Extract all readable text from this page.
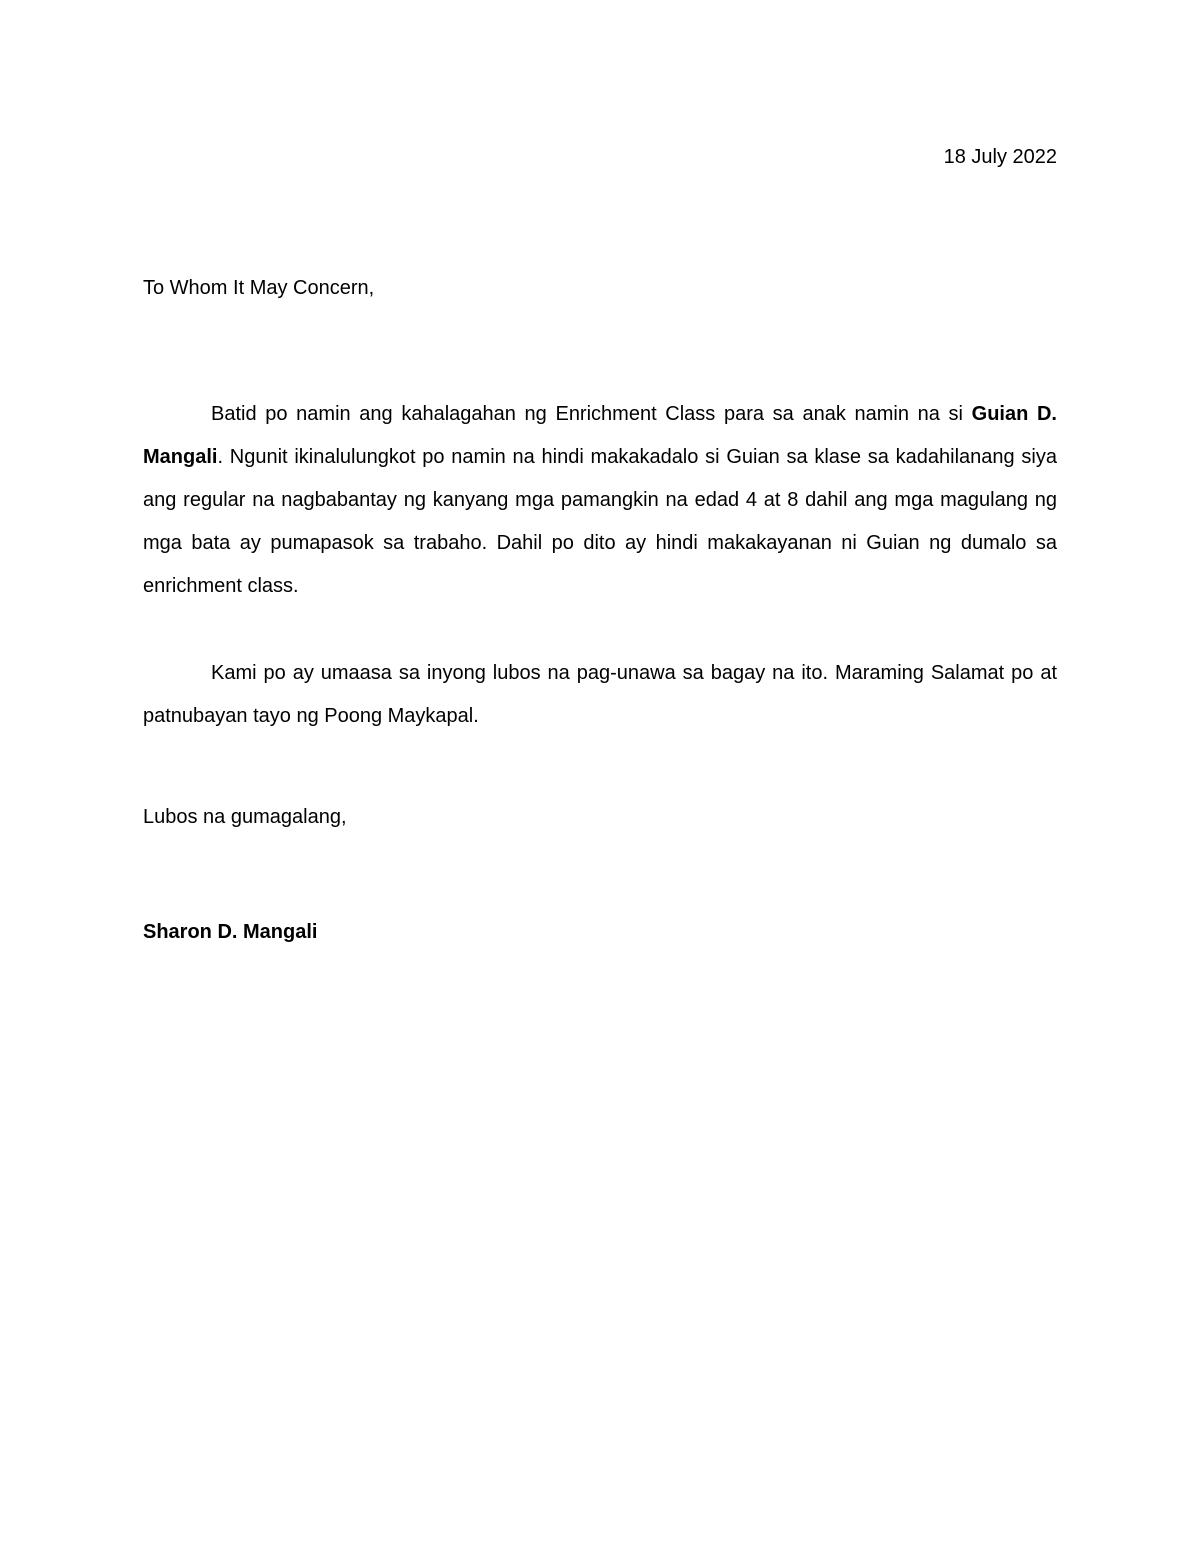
18 July 2022
To Whom It May Concern,

Batid po namin ang kahalagahan ng Enrichment Class para sa anak namin na si Guian D. Mangali. Ngunit ikinalulungkot po namin na hindi makakadalo si Guian sa klase sa kadahilanang siya ang regular na nagbabantay ng kanyang mga pamangkin na edad 4 at 8 dahil ang mga magulang ng mga bata ay pumapasok sa trabaho. Dahil po dito ay hindi makakayanan ni Guian ng dumalo sa enrichment class.

Kami po ay umaasa sa inyong lubos na pag-unawa sa bagay na ito. Maraming Salamat po at patnubayan tayo ng Poong Maykapal.

Lubos na gumagalang,
Sharon D. Mangali
